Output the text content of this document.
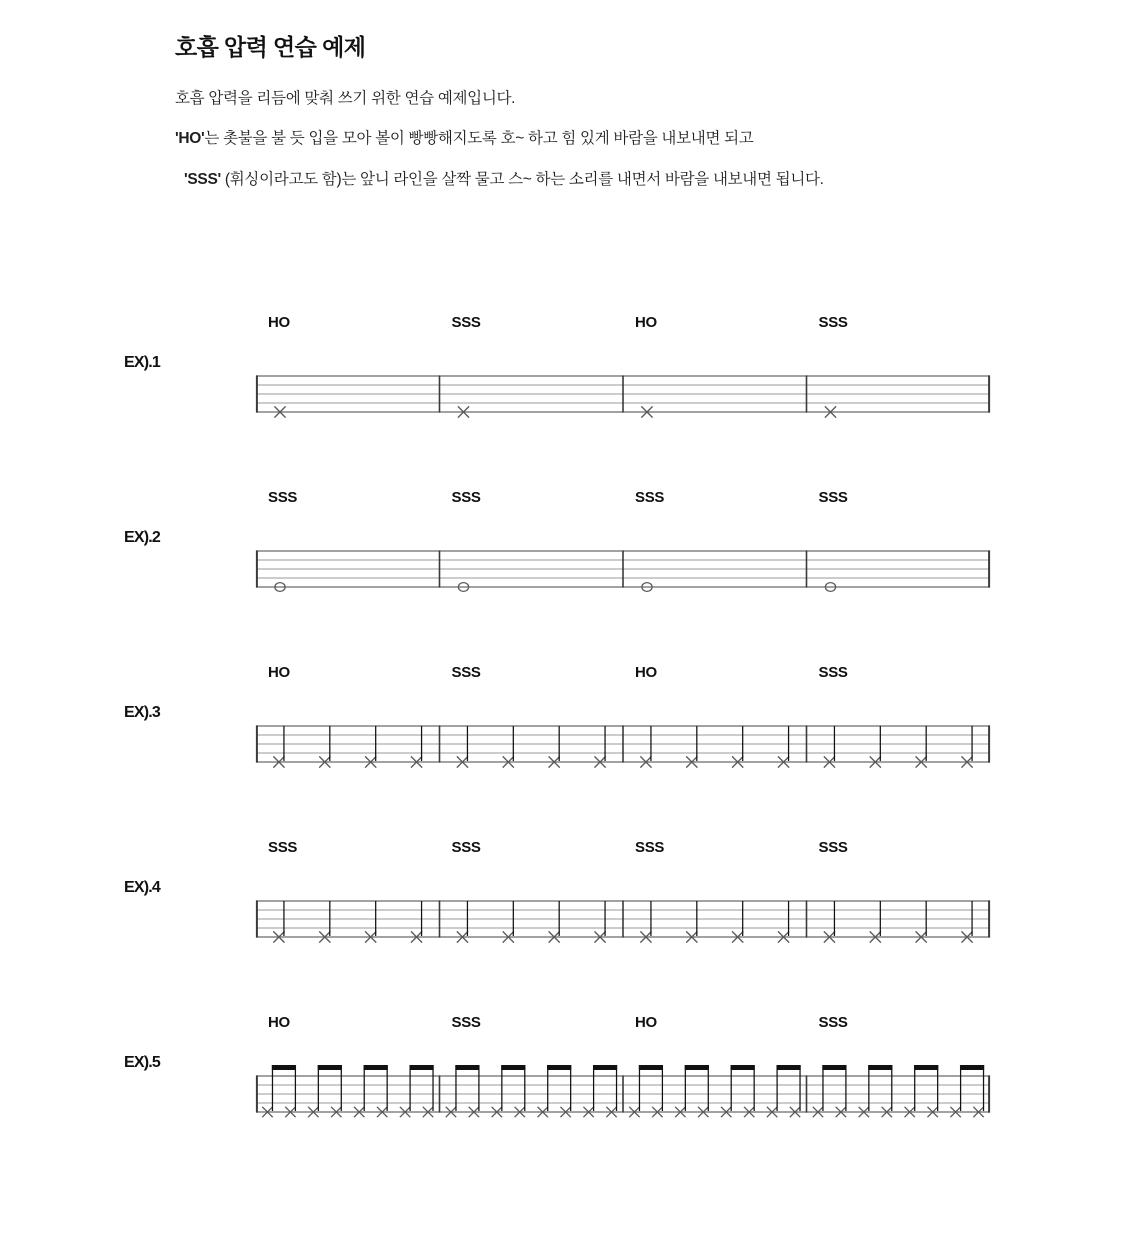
호흡 압력 연습 예제

호흡 압력을 리듬에 맞춰 쓰기 위한 연습 예제입니다.

'HO'는 촛불을 불 듯 입을 모아 볼이 빵빵해지도록 호~ 하고 힘 있게 바람을 내보내면 되고

'SSS' (휘싱이라고도 함)는 앞니 라인을 살짝 물고 스~ 하는 소리를 내면서 바람을 내보내면 됩니다.

EX).1
HO	SSS	HO	SSS
EX).2
SSS	SSS	SSS	SSS
EX).3
HO	SSS	HO	SSS
EX).4
SSS	SSS	SSS	SSS
EX).5
HO	SSS	HO	SSS
